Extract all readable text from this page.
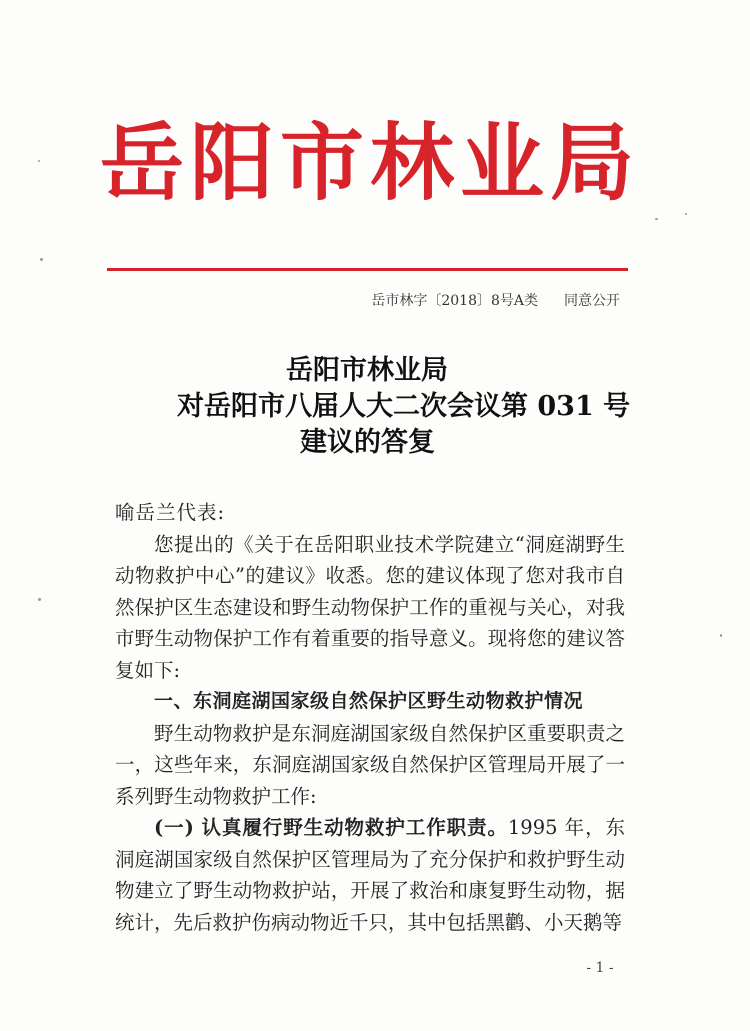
岳阳市林业局
岳市林字〔2018〕8号A类 同意公开
岳阳市林业局
对岳阳市八届人大二次会议第 031 号
建议的答复

喻岳兰代表:

您提出的《关于在岳阳职业技术学院建立“洞庭湖野生动物救护中心”的建议》收悉。您的建议体现了您对我市自然保护区生态建设和野生动物保护工作的重视与关心，对我市野生动物保护工作有着重要的指导意义。现将您的建议答复如下:

一、东洞庭湖国家级自然保护区野生动物救护情况

野生动物救护是东洞庭湖国家级自然保护区重要职责之一，这些年来，东洞庭湖国家级自然保护区管理局开展了一系列野生动物救护工作:

(一) 认真履行野生动物救护工作职责。1995 年，东洞庭湖国家级自然保护区管理局为了充分保护和救护野生动物建立了野生动物救护站，开展了救治和康复野生动物，据统计，先后救护伤病动物近千只，其中包括黑鹳、小天鹅等

- 1 -
